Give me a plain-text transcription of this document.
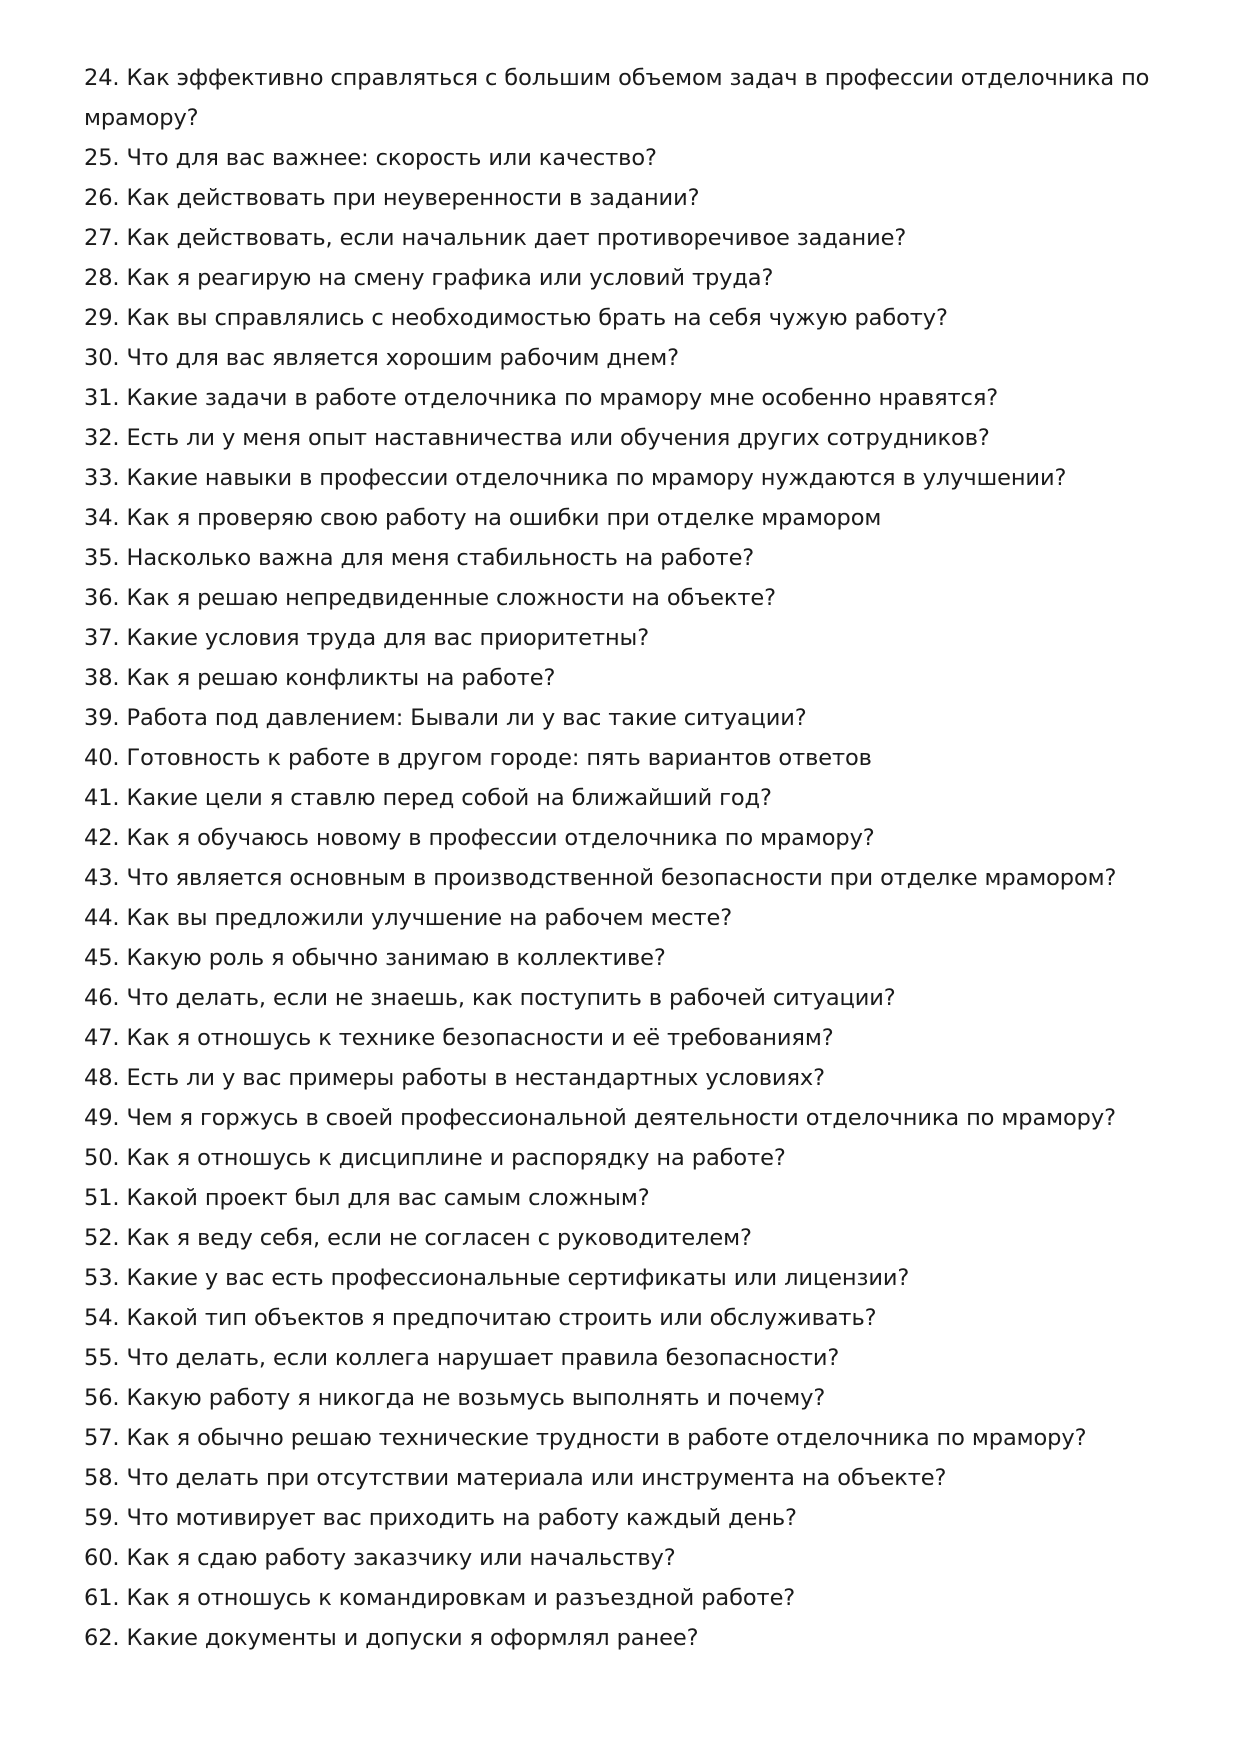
24. Как эффективно справляться с большим объемом задач в профессии отделочника по мрамору?
25. Что для вас важнее: скорость или качество?
26. Как действовать при неуверенности в задании?
27. Как действовать, если начальник дает противоречивое задание?
28. Как я реагирую на смену графика или условий труда?
29. Как вы справлялись с необходимостью брать на себя чужую работу?
30. Что для вас является хорошим рабочим днем?
31. Какие задачи в работе отделочника по мрамору мне особенно нравятся?
32. Есть ли у меня опыт наставничества или обучения других сотрудников?
33. Какие навыки в профессии отделочника по мрамору нуждаются в улучшении?
34. Как я проверяю свою работу на ошибки при отделке мрамором
35. Насколько важна для меня стабильность на работе?
36. Как я решаю непредвиденные сложности на объекте?
37. Какие условия труда для вас приоритетны?
38. Как я решаю конфликты на работе?
39. Работа под давлением: Бывали ли у вас такие ситуации?
40. Готовность к работе в другом городе: пять вариантов ответов
41. Какие цели я ставлю перед собой на ближайший год?
42. Как я обучаюсь новому в профессии отделочника по мрамору?
43. Что является основным в производственной безопасности при отделке мрамором?
44. Как вы предложили улучшение на рабочем месте?
45. Какую роль я обычно занимаю в коллективе?
46. Что делать, если не знаешь, как поступить в рабочей ситуации?
47. Как я отношусь к технике безопасности и её требованиям?
48. Есть ли у вас примеры работы в нестандартных условиях?
49. Чем я горжусь в своей профессиональной деятельности отделочника по мрамору?
50. Как я отношусь к дисциплине и распорядку на работе?
51. Какой проект был для вас самым сложным?
52. Как я веду себя, если не согласен с руководителем?
53. Какие у вас есть профессиональные сертификаты или лицензии?
54. Какой тип объектов я предпочитаю строить или обслуживать?
55. Что делать, если коллега нарушает правила безопасности?
56. Какую работу я никогда не возьмусь выполнять и почему?
57. Как я обычно решаю технические трудности в работе отделочника по мрамору?
58. Что делать при отсутствии материала или инструмента на объекте?
59. Что мотивирует вас приходить на работу каждый день?
60. Как я сдаю работу заказчику или начальству?
61. Как я отношусь к командировкам и разъездной работе?
62. Какие документы и допуски я оформлял ранее?
